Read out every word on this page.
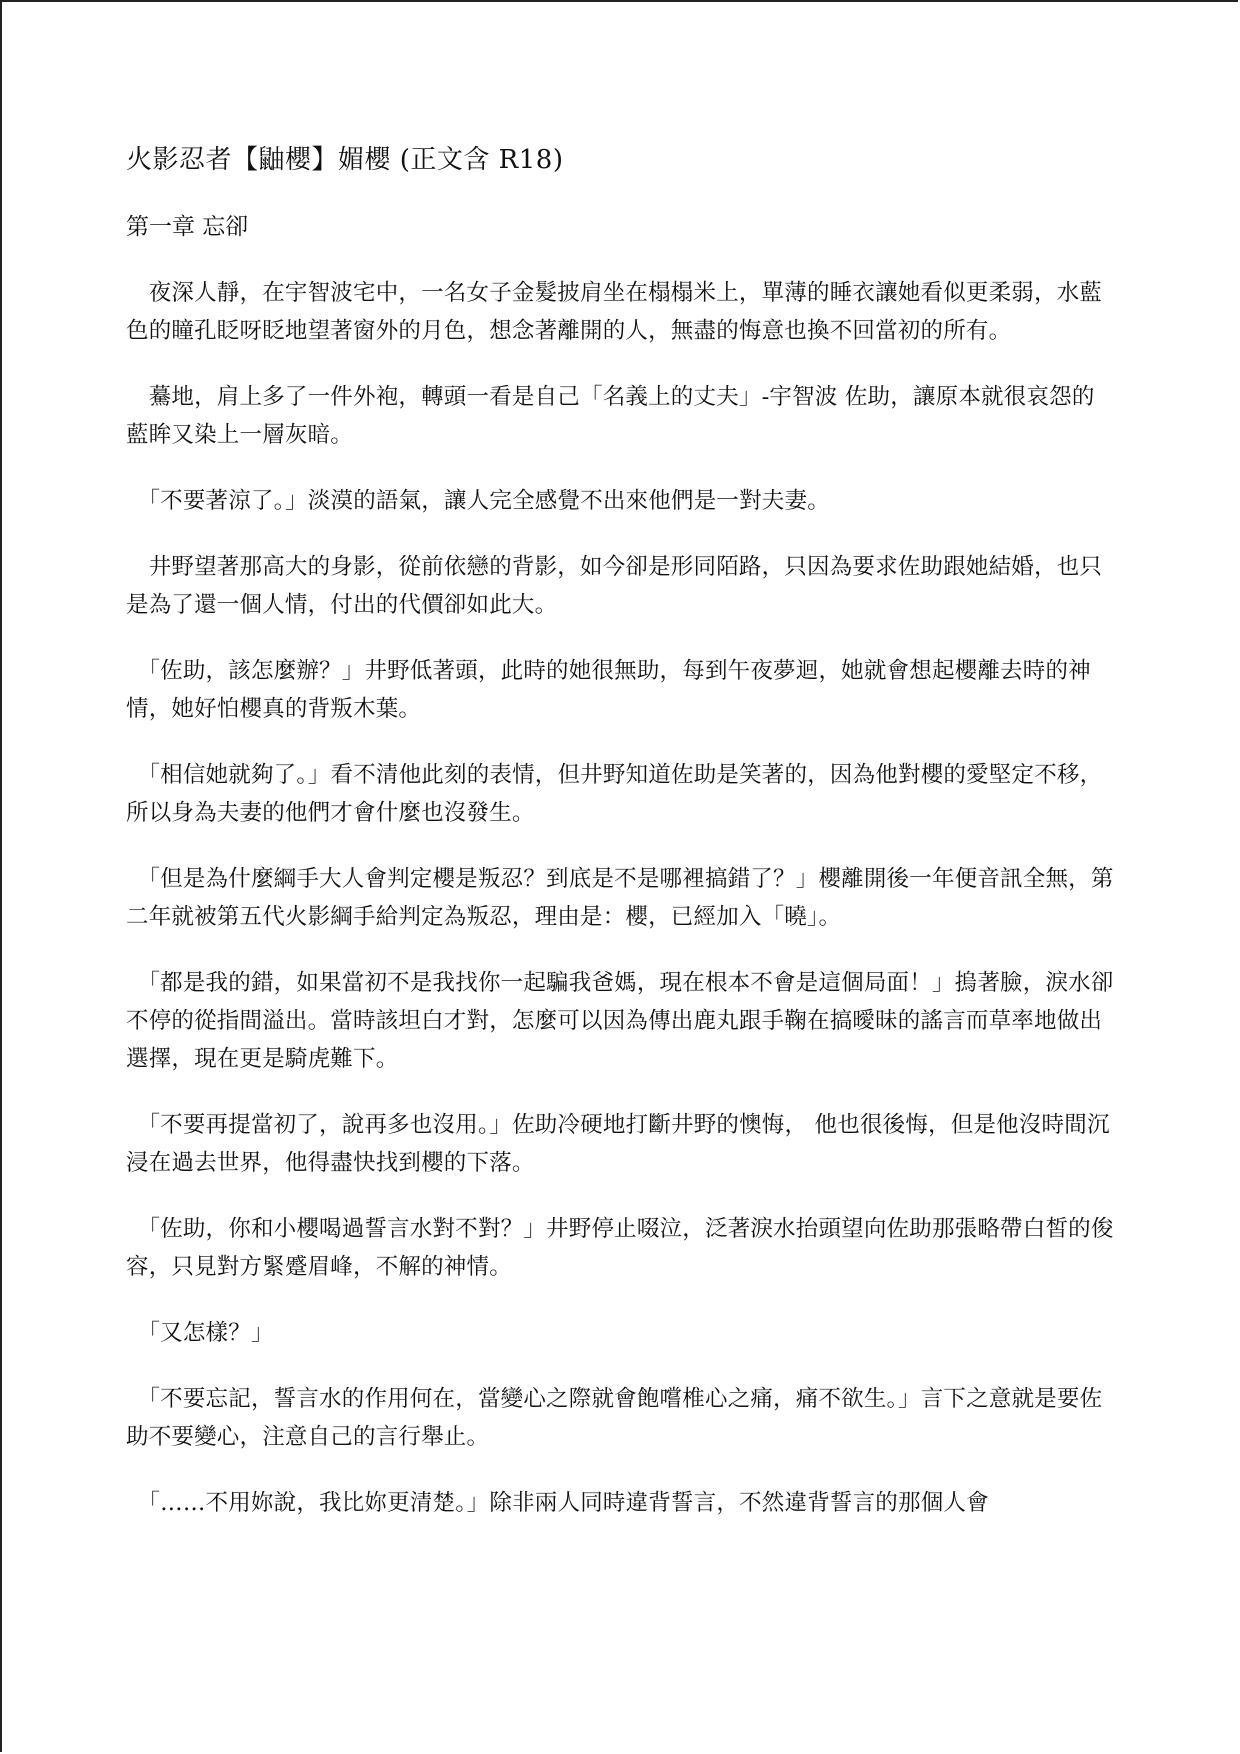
火影忍者【鼬櫻】媚櫻 (正文含 R18)
第一章 忘卻

　夜深人靜，在宇智波宅中，一名女子金髮披肩坐在榻榻米上，單薄的睡衣讓她看似更柔弱，水藍色的瞳孔眨呀眨地望著窗外的月色，想念著離開的人，無盡的悔意也換不回當初的所有。

　驀地，肩上多了一件外袍，轉頭一看是自己「名義上的丈夫」-宇智波 佐助，讓原本就很哀怨的藍眸又染上一層灰暗。

　「不要著涼了。」淡漠的語氣，讓人完全感覺不出來他們是一對夫妻。

　井野望著那高大的身影，從前依戀的背影，如今卻是形同陌路，只因為要求佐助跟她結婚，也只是為了還一個人情，付出的代價卻如此大。

　「佐助，該怎麼辦？」井野低著頭，此時的她很無助，每到午夜夢迴，她就會想起櫻離去時的神情，她好怕櫻真的背叛木葉。

　「相信她就夠了。」看不清他此刻的表情，但井野知道佐助是笑著的，因為他對櫻的愛堅定不移，所以身為夫妻的他們才會什麼也沒發生。

　「但是為什麼綱手大人會判定櫻是叛忍？到底是不是哪裡搞錯了？」櫻離開後一年便音訊全無，第二年就被第五代火影綱手給判定為叛忍，理由是：櫻，已經加入「曉」。

　「都是我的錯，如果當初不是我找你一起騙我爸媽，現在根本不會是這個局面！」摀著臉，淚水卻不停的從指間溢出。當時該坦白才對，怎麼可以因為傳出鹿丸跟手鞠在搞曖昧的謠言而草率地做出選擇，現在更是騎虎難下。

　「不要再提當初了，說再多也沒用。」佐助冷硬地打斷井野的懊悔， 他也很後悔，但是他沒時間沉浸在過去世界，他得盡快找到櫻的下落。

　「佐助，你和小櫻喝過誓言水對不對？」井野停止啜泣，泛著淚水抬頭望向佐助那張略帶白皙的俊容，只見對方緊蹙眉峰，不解的神情。

　「又怎樣？」

　「不要忘記，誓言水的作用何在，當變心之際就會飽嚐椎心之痛，痛不欲生。」言下之意就是要佐助不要變心，注意自己的言行舉止。

　「……不用妳說，我比妳更清楚。」除非兩人同時違背誓言，不然違背誓言的那個人會
